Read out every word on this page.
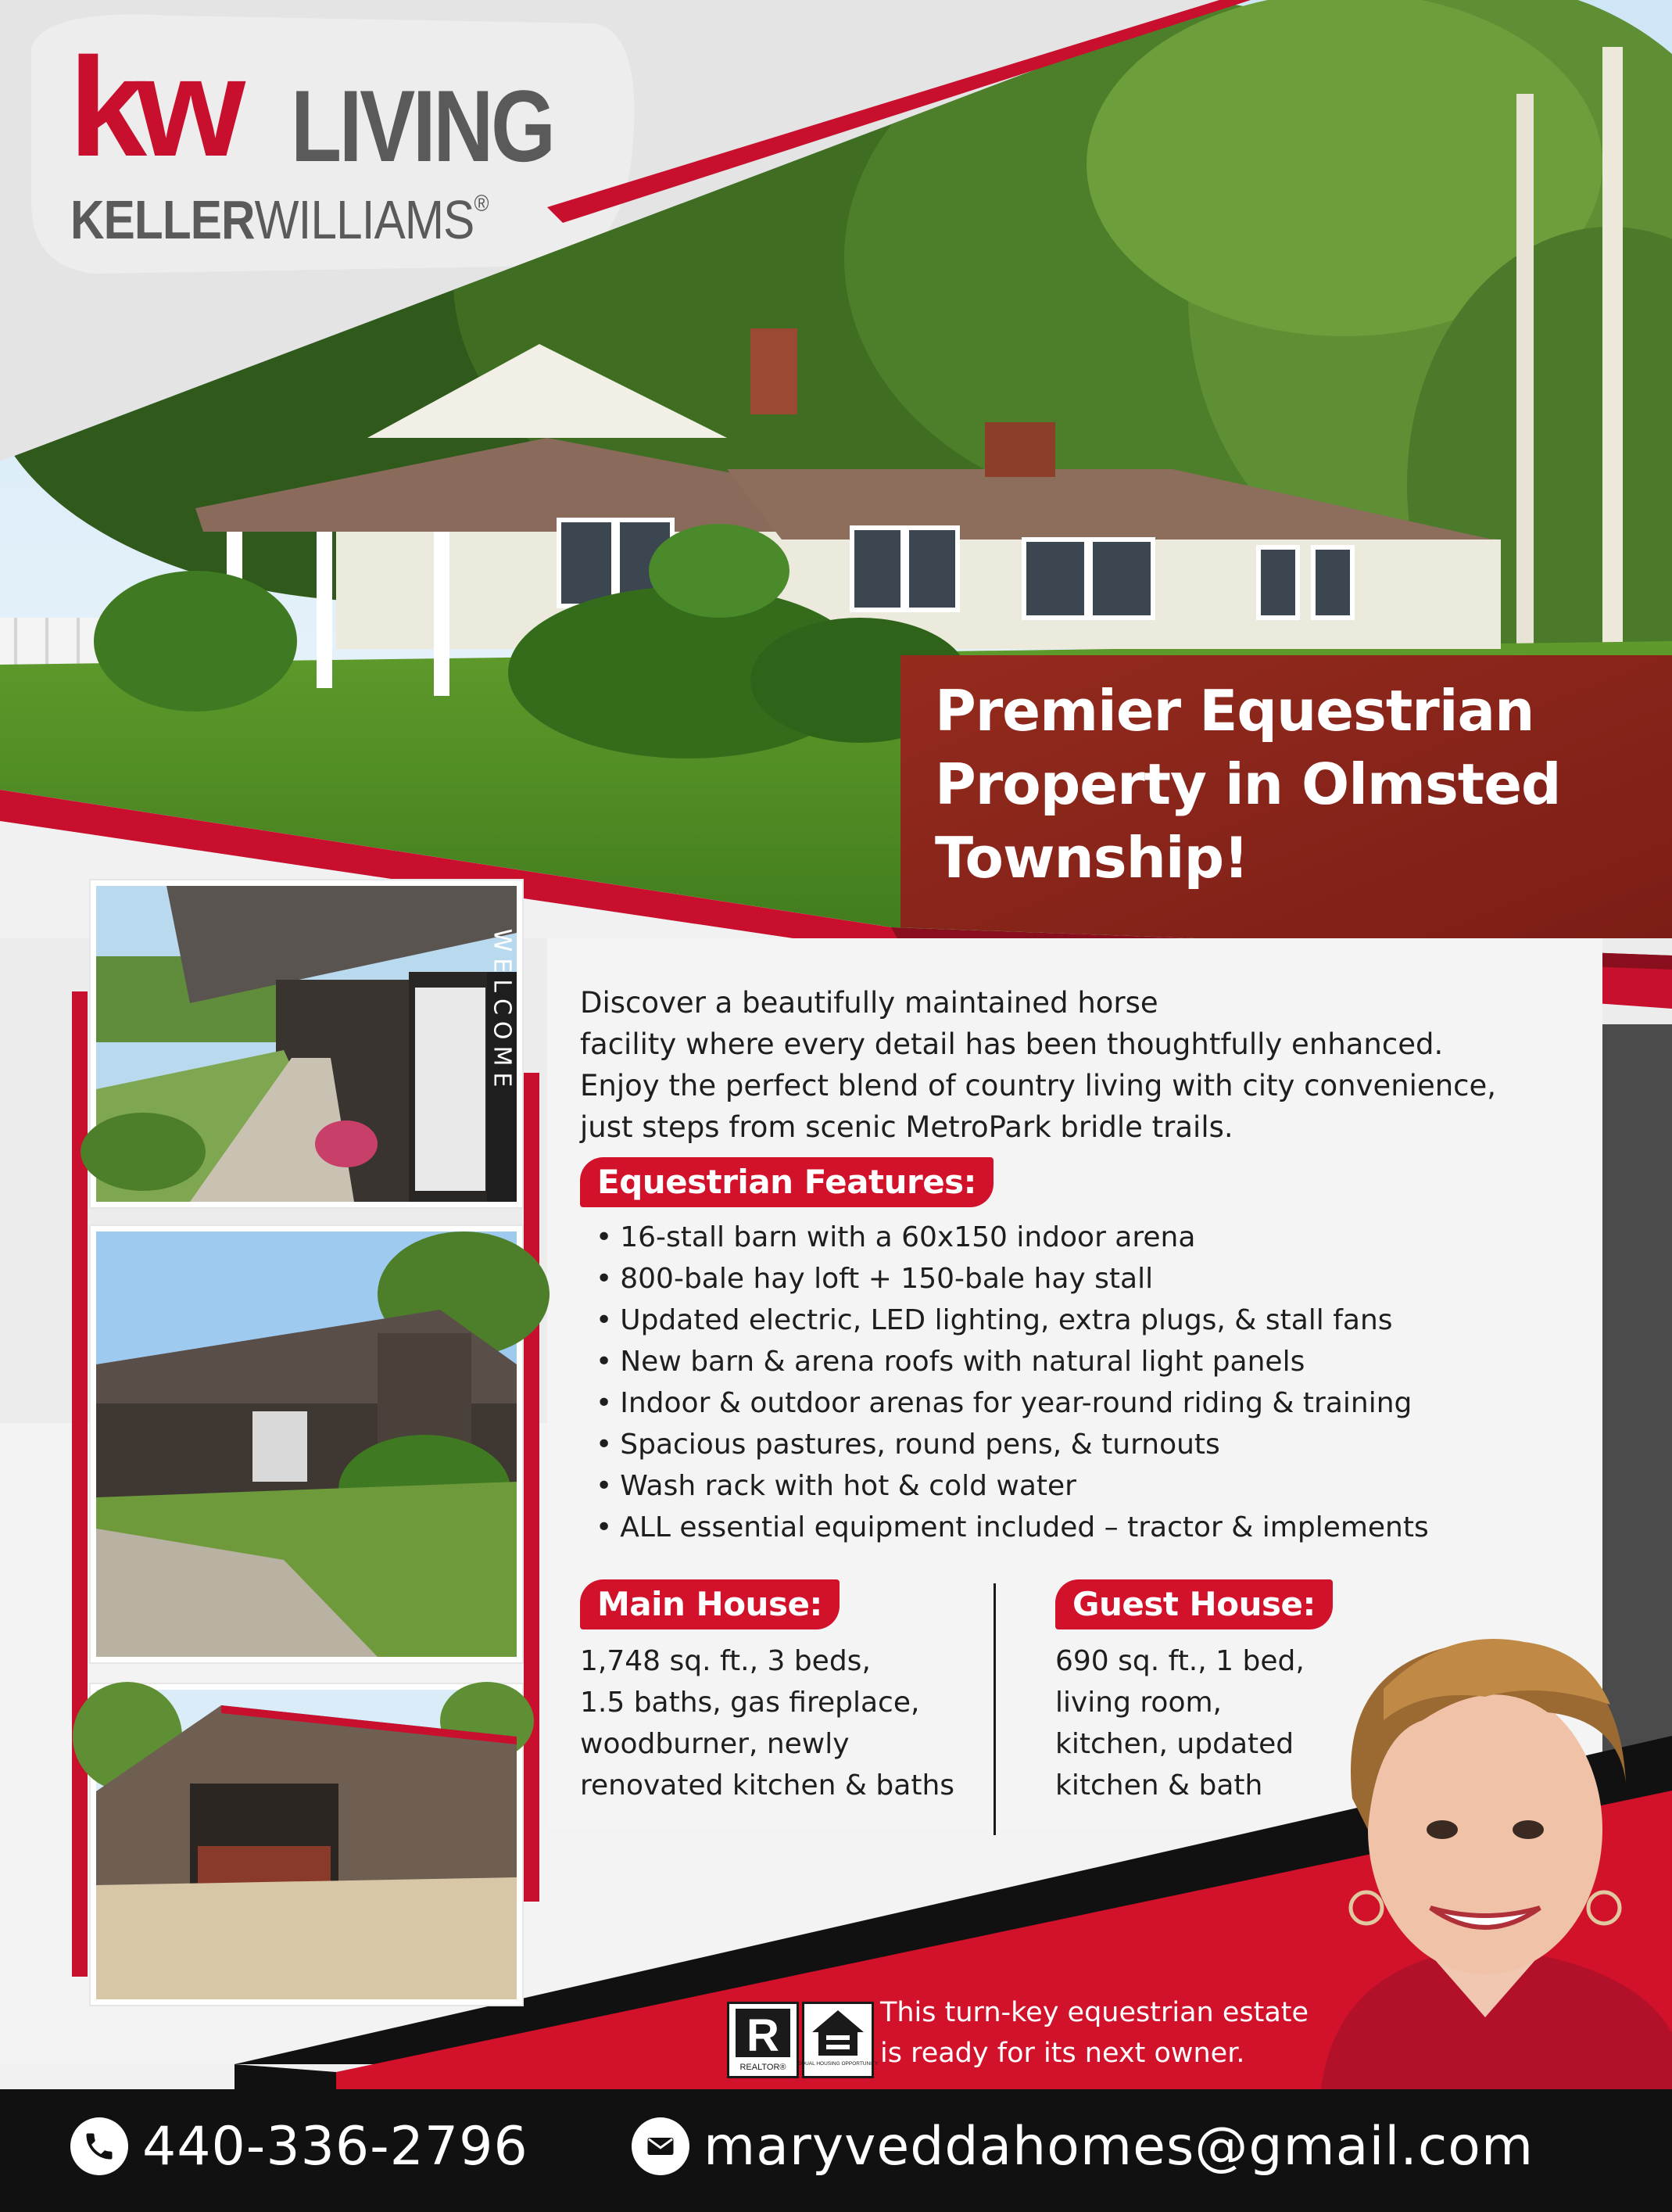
kw LIVING
KELLERWILLIAMS®
Premier Equestrian
Property in Olmsted
Township!
WELCOME Discover a beautifully maintained horse
facility where every detail has been thoughtfully enhanced.
Enjoy the perfect blend of country living with city convenience,
just steps from scenic MetroPark bridle trails.
Equestrian Features:
• 16-stall barn with a 60x150 indoor arena
• 800-bale hay loft + 150-bale hay stall
• Updated electric, LED lighting, extra plugs, & stall fans
• New barn & arena roofs with natural light panels
• Indoor & outdoor arenas for year-round riding & training
• Spacious pastures, round pens, & turnouts
• Wash rack with hot & cold water
• ALL essential equipment included – tractor & implements
Main House:
1,748 sq. ft., 3 beds,
1.5 baths, gas fireplace,
woodburner, newly
renovated kitchen & baths
Guest House:
690 sq. ft., 1 bed,
living room,
kitchen, updated
kitchen & bath
R
REALTOR® EQUAL HOUSING OPPORTUNITY
This turn-key equestrian estate
is ready for its next owner.
440-336-2796	maryveddahomes@gmail.com
